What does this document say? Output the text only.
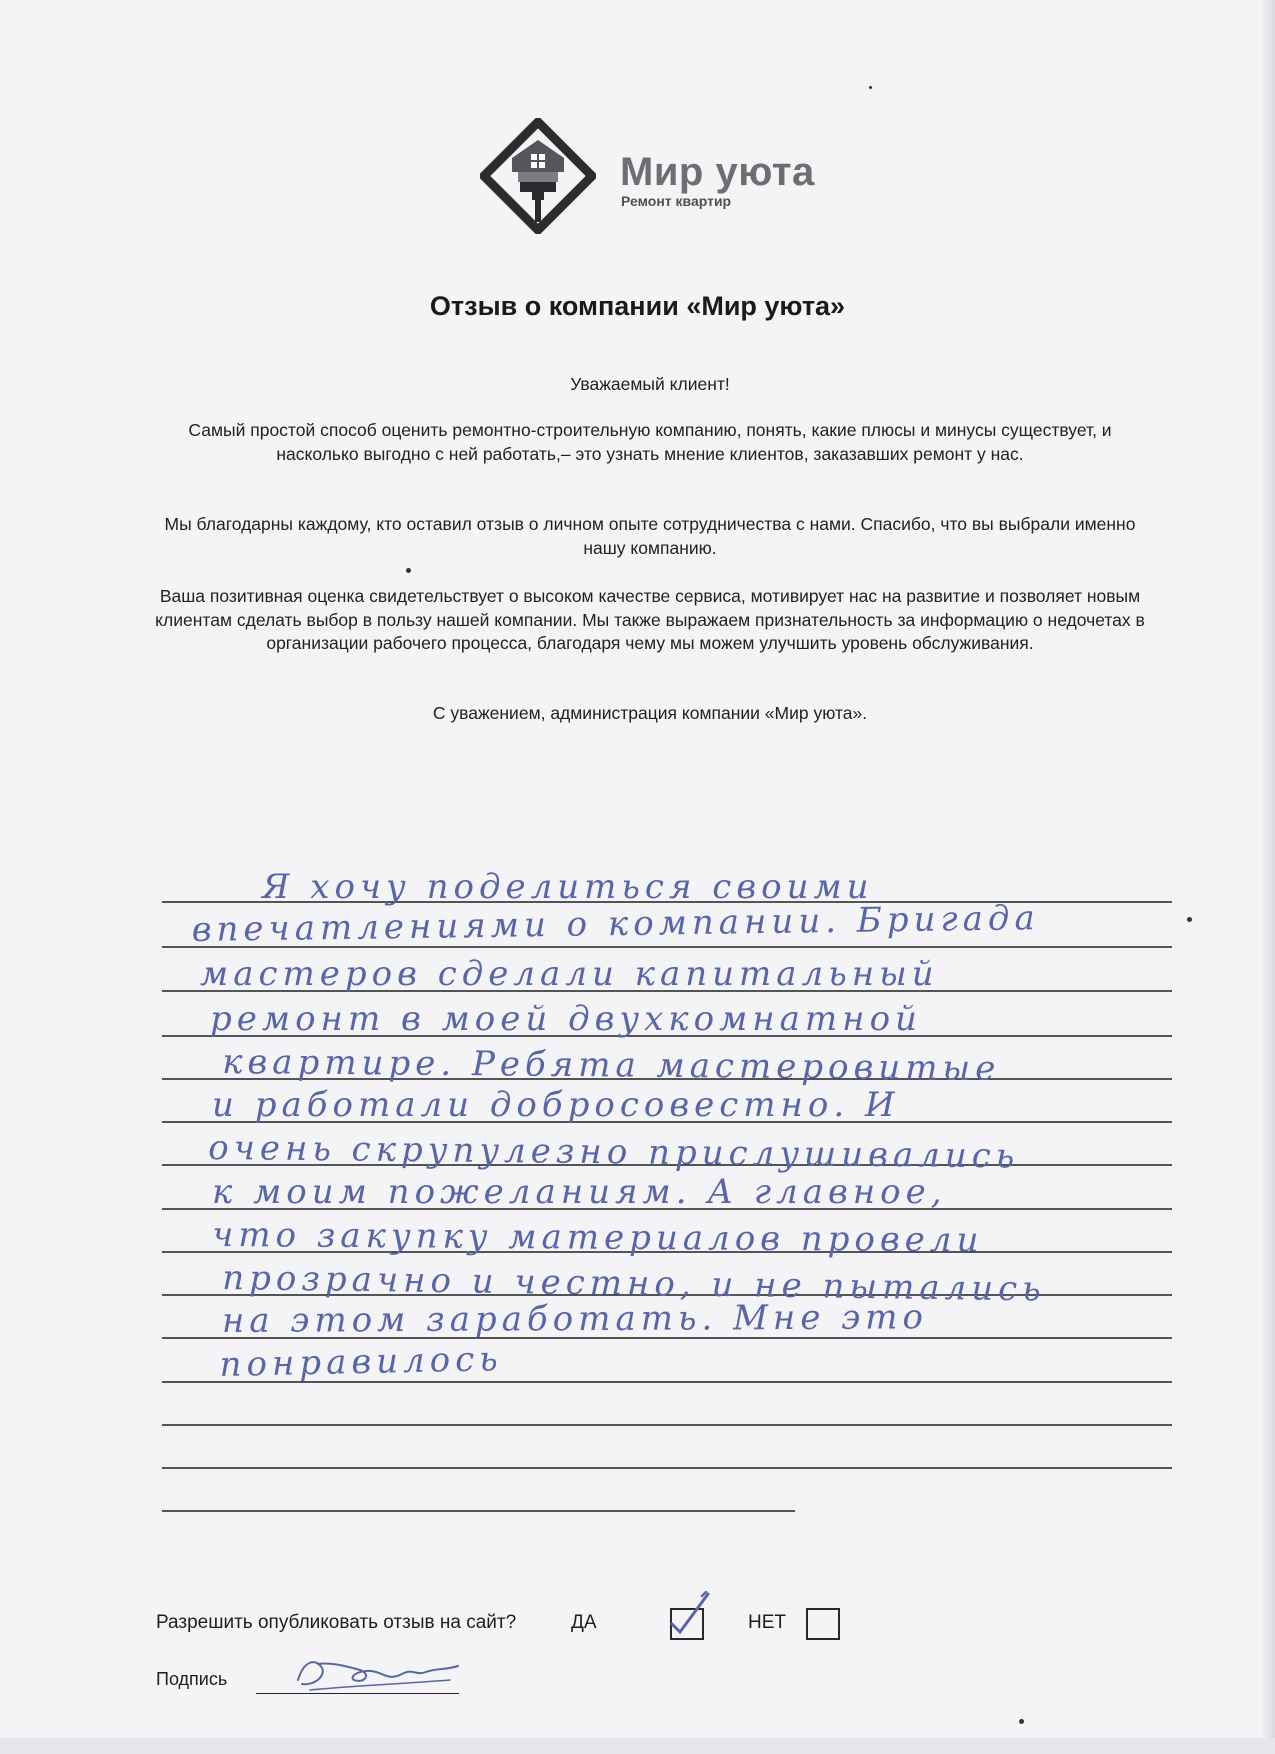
Мир уюта
Ремонт квартир
Отзыв о компании «Мир уюта»
Уважаемый клиент!
Самый простой способ оценить ремонтно-строительную компанию, понять, какие плюсы и минусы существует, и насколько выгодно с ней работать,– это узнать мнение клиентов, заказавших ремонт у нас.
Мы благодарны каждому, кто оставил отзыв о личном опыте сотрудничества с нами. Спасибо, что вы выбрали именно нашу компанию.
Ваша позитивная оценка свидетельствует о высоком качестве сервиса, мотивирует нас на развитие и позволяет новым клиентам сделать выбор в пользу нашей компании. Мы также выражаем признательность за информацию о недочетах в организации рабочего процесса, благодаря чему мы можем улучшить уровень обслуживания.
С уважением, администрация компании «Мир уюта».
Я хочу поделиться своими
впечатлениями о компании. Бригада
мастеров сделали капитальный
ремонт в моей двухкомнатной
квартире. Ребята мастеровитые
и работали добросовестно. И
очень скрупулезно прислушивались
к моим пожеланиям. А главное,
что закупку материалов провели
прозрачно и честно, и не пытались
на этом заработать. Мне это
понравилось
Разрешить опубликовать отзыв на сайт?	ДА	НЕТ
Подпись
